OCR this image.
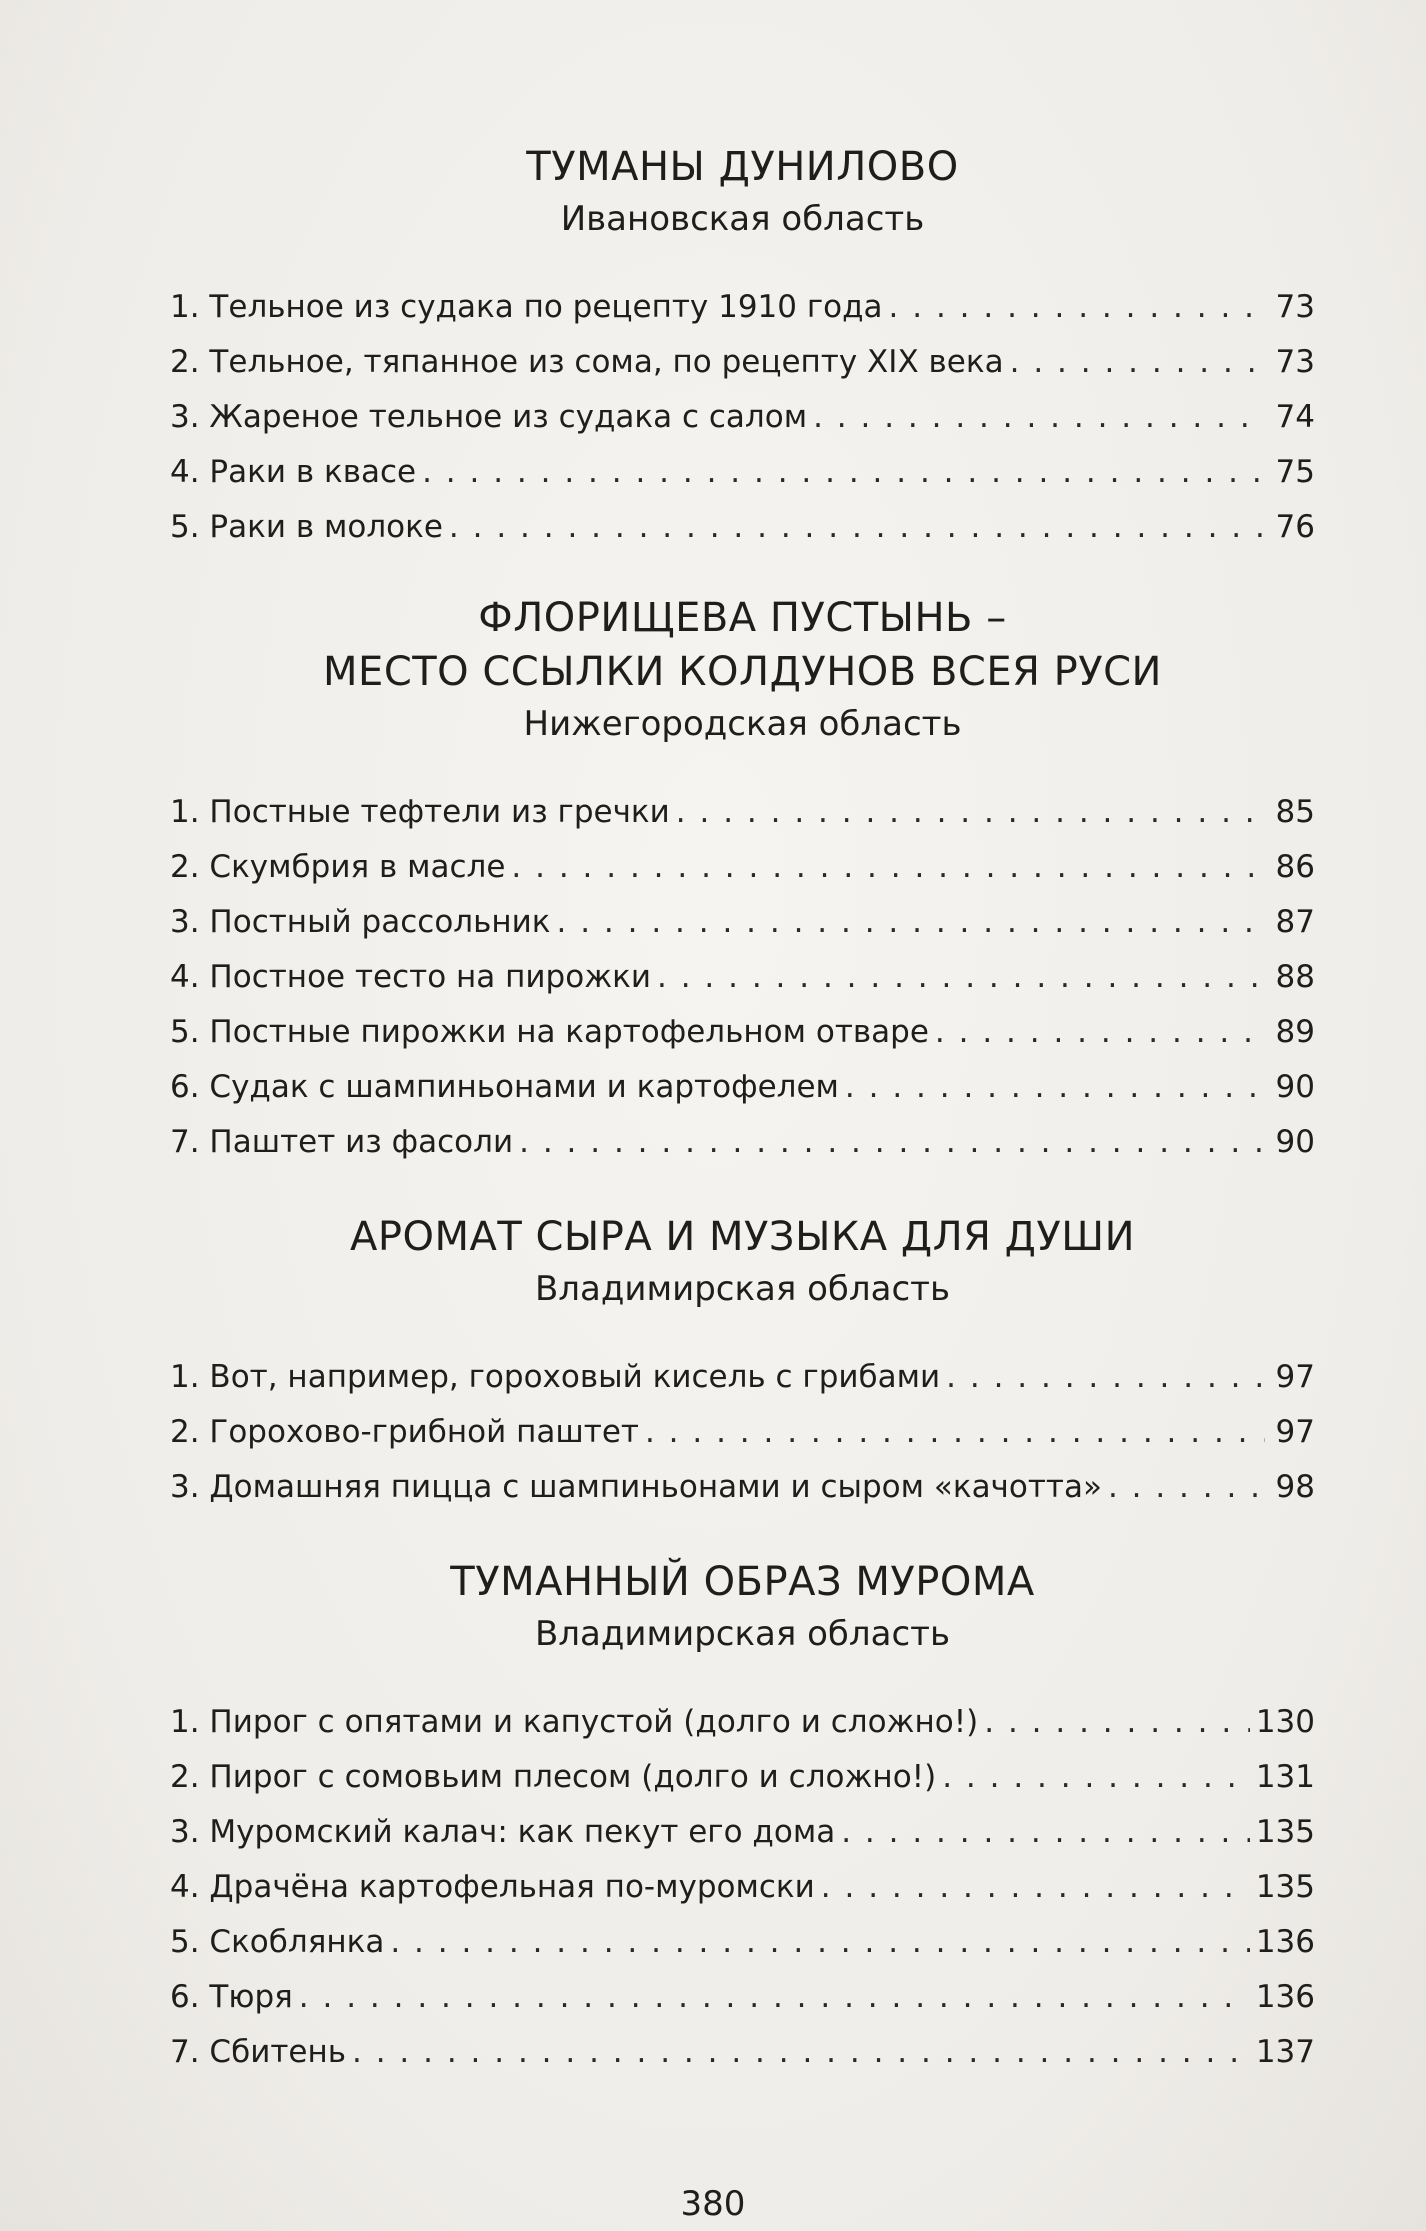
ТУМАНЫ ДУНИЛОВО

Ивановская область

1. Тельное из судака по рецепту 1910 года . . .	73
2. Тельное, тяпанное из сома, по рецепту XIX века . . .	73
3. Жареное тельное из судака с салом . . .	74
4. Раки в квасе . . .	75
5. Раки в молоке . . .	76
ФЛОРИЩЕВА ПУСТЫНЬ –
МЕСТО ССЫЛКИ КОЛДУНОВ ВСЕЯ РУСИ

Нижегородская область

1. Постные тефтели из гречки . . .	85
2. Скумбрия в масле . . .	86
3. Постный рассольник . . .	87
4. Постное тесто на пирожки . . .	88
5. Постные пирожки на картофельном отваре . . .	89
6. Судак с шампиньонами и картофелем . . .	90
7. Паштет из фасоли . . .	90
АРОМАТ СЫРА И МУЗЫКА ДЛЯ ДУШИ

Владимирская область

1. Вот, например, гороховый кисель с грибами . . .	97
2. Горохово-грибной паштет . . .	97
3. Домашняя пицца с шампиньонами и сыром «качотта» . . .	98
ТУМАННЫЙ ОБРАЗ МУРОМА

Владимирская область

1. Пирог с опятами и капустой (долго и сложно!) . . .	130
2. Пирог с сомовьим плесом (долго и сложно!) . . .	131
3. Муромский калач: как пекут его дома . . .	135
4. Драчёна картофельная по-муромски . . .	135
5. Скоблянка . . .	136
6. Тюря . . .	136
7. Сбитень . . .	137
380
